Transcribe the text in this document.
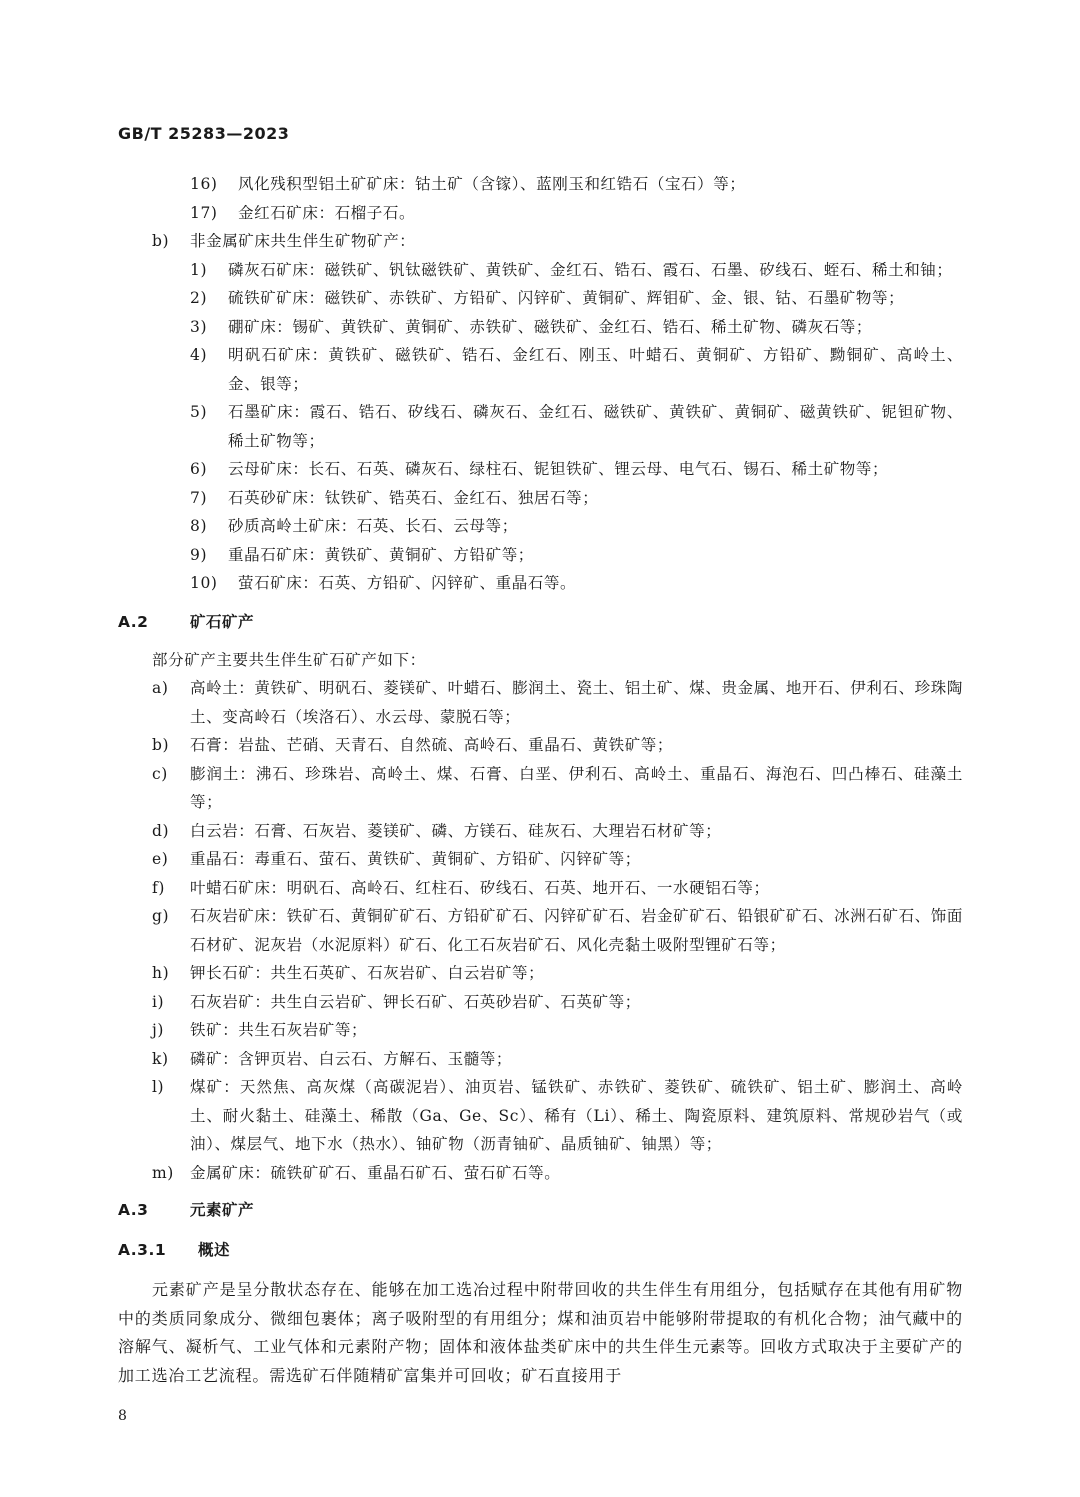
GB/T 25283—2023
16) 风化残积型铝土矿矿床：钴土矿（含镓）、蓝刚玉和红锆石（宝石）等；
17) 金红石矿床：石榴子石。
b) 非金属矿床共生伴生矿物矿产：
1) 磷灰石矿床：磁铁矿、钒钛磁铁矿、黄铁矿、金红石、锆石、霞石、石墨、矽线石、蛭石、稀土和铀；
2) 硫铁矿矿床：磁铁矿、赤铁矿、方铅矿、闪锌矿、黄铜矿、辉钼矿、金、银、钴、石墨矿物等；
3) 硼矿床：锡矿、黄铁矿、黄铜矿、赤铁矿、磁铁矿、金红石、锆石、稀土矿物、磷灰石等；
4) 明矾石矿床：黄铁矿、磁铁矿、锆石、金红石、刚玉、叶蜡石、黄铜矿、方铅矿、黝铜矿、高岭土、金、银等；
5) 石墨矿床：霞石、锆石、矽线石、磷灰石、金红石、磁铁矿、黄铁矿、黄铜矿、磁黄铁矿、铌钽矿物、稀土矿物等；
6) 云母矿床：长石、石英、磷灰石、绿柱石、铌钽铁矿、锂云母、电气石、锡石、稀土矿物等；
7) 石英砂矿床：钛铁矿、锆英石、金红石、独居石等；
8) 砂质高岭土矿床：石英、长石、云母等；
9) 重晶石矿床：黄铁矿、黄铜矿、方铅矿等；
10) 萤石矿床：石英、方铅矿、闪锌矿、重晶石等。
A.2	矿石矿产
部分矿产主要共生伴生矿石矿产如下：
a) 高岭土：黄铁矿、明矾石、菱镁矿、叶蜡石、膨润土、瓷土、铝土矿、煤、贵金属、地开石、伊利石、珍珠陶土、变高岭石（埃洛石）、水云母、蒙脱石等；
b) 石膏：岩盐、芒硝、天青石、自然硫、高岭石、重晶石、黄铁矿等；
c) 膨润土：沸石、珍珠岩、高岭土、煤、石膏、白垩、伊利石、高岭土、重晶石、海泡石、凹凸棒石、硅藻土等；
d) 白云岩：石膏、石灰岩、菱镁矿、磷、方镁石、硅灰石、大理岩石材矿等；
e) 重晶石：毒重石、萤石、黄铁矿、黄铜矿、方铅矿、闪锌矿等；
f) 叶蜡石矿床：明矾石、高岭石、红柱石、矽线石、石英、地开石、一水硬铝石等；
g) 石灰岩矿床：铁矿石、黄铜矿矿石、方铅矿矿石、闪锌矿矿石、岩金矿矿石、铅银矿矿石、冰洲石矿石、饰面石材矿、泥灰岩（水泥原料）矿石、化工石灰岩矿石、风化壳黏土吸附型锂矿石等；
h) 钾长石矿：共生石英矿、石灰岩矿、白云岩矿等；
i) 石灰岩矿：共生白云岩矿、钾长石矿、石英砂岩矿、石英矿等；
j) 铁矿：共生石灰岩矿等；
k) 磷矿：含钾页岩、白云石、方解石、玉髓等；
l) 煤矿：天然焦、高灰煤（高碳泥岩）、油页岩、锰铁矿、赤铁矿、菱铁矿、硫铁矿、铝土矿、膨润土、高岭土、耐火黏土、硅藻土、稀散（Ga、Ge、Sc）、稀有（Li）、稀土、陶瓷原料、建筑原料、常规砂岩气（或油）、煤层气、地下水（热水）、铀矿物（沥青铀矿、晶质铀矿、铀黑）等；
m) 金属矿床：硫铁矿矿石、重晶石矿石、萤石矿石等。
A.3	元素矿产
A.3.1 概述
元素矿产是呈分散状态存在、能够在加工选冶过程中附带回收的共生伴生有用组分，包括赋存在其他有用矿物中的类质同象成分、微细包裹体；离子吸附型的有用组分；煤和油页岩中能够附带提取的有机化合物；油气藏中的溶解气、凝析气、工业气体和元素附产物；固体和液体盐类矿床中的共生伴生元素等。回收方式取决于主要矿产的加工选冶工艺流程。需选矿石伴随精矿富集并可回收；矿石直接用于
8
